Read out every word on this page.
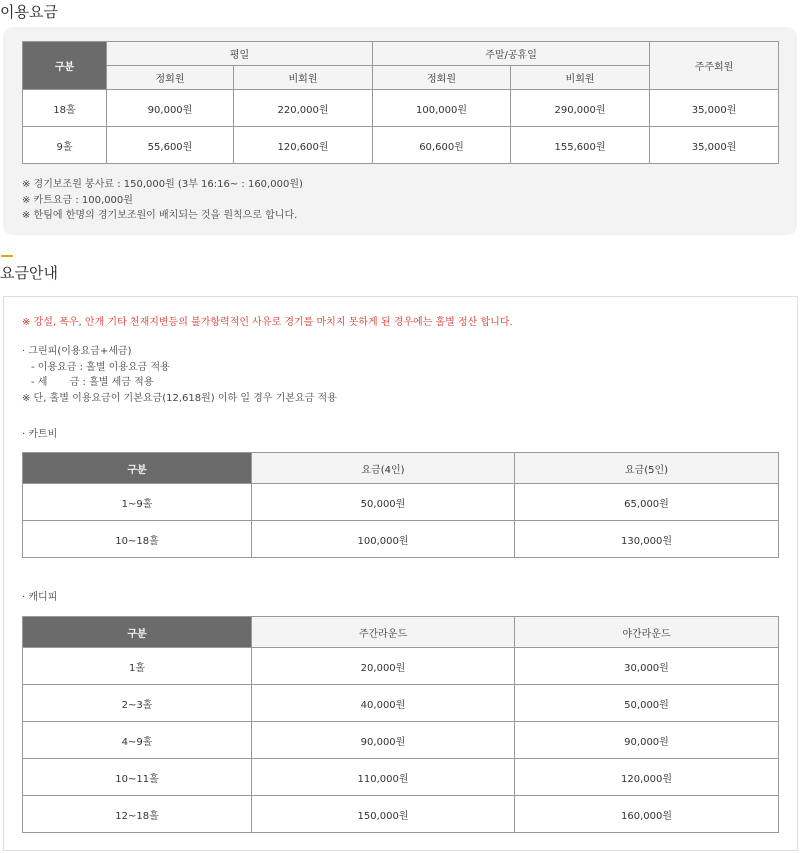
이용요금
구분	평일		주말/공휴일		주주회원
	정회원	비회원	정회원	비회원	
18홀	90,000원	220,000원	100,000원	290,000원	35,000원
9홀	55,600원	120,600원	60,600원	155,600원	35,000원
※ 경기보조원 봉사료 : 150,000원 (3부 16:16~ : 160,000원)
※ 카트요금 : 100,000원
※ 한팀에 한명의 경기보조원이 배치되는 것을 원칙으로 합니다.
요금안내
※ 강설, 폭우, 안개 기타 천재지변등의 불가항력적인 사유로 경기를 마치지 못하게 된 경우에는 홀별 정산 합니다.
· 그린피(이용요금+세금)
- 이용요금 : 홀별 이용요금 적용
- 세       금 : 홀별 세금 적용
※ 단, 홀별 이용요금이 기본요금(12,618원) 이하 일 경우 기본요금 적용
· 카트비
구분	요금(4인)	요금(5인)
1~9홀	50,000원	65,000원
10~18홀	100,000원	130,000원
· 캐디피
구분	주간라운드	야간라운드
1홀	20,000원	30,000원
2~3홀	40,000원	50,000원
4~9홀	90,000원	90,000원
10~11홀	110,000원	120,000원
12~18홀	150,000원	160,000원
